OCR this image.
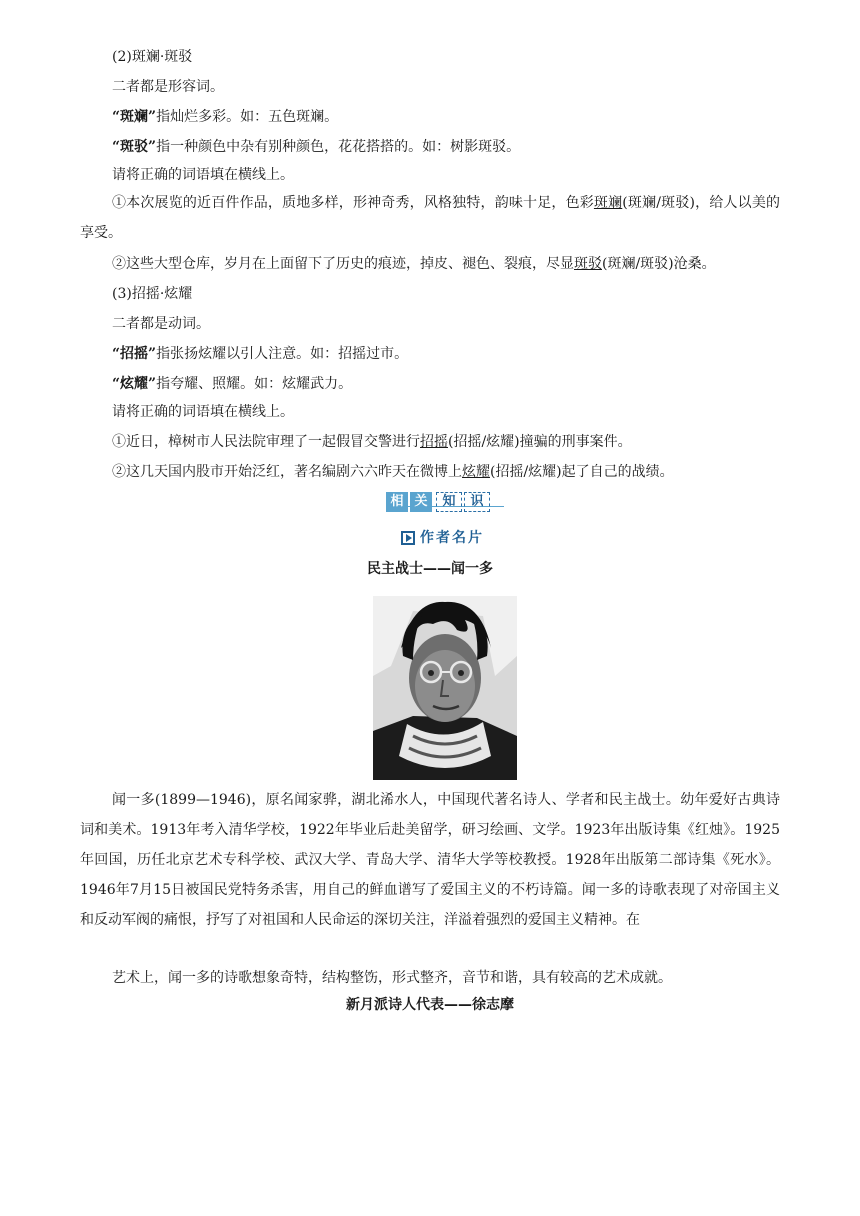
(2)斑斓·斑驳
二者都是形容词。
“斑斓”指灿烂多彩。如：五色斑斓。
“斑驳”指一种颜色中杂有别种颜色，花花搭搭的。如：树影斑驳。
请将正确的词语填在横线上。
①本次展览的近百件作品，质地多样，形神奇秀，风格独特，韵味十足，色彩斑斓(斑斓/斑驳)，给人以美的享受。
②这些大型仓库，岁月在上面留下了历史的痕迹，掉皮、褪色、裂痕，尽显斑驳(斑斓/斑驳)沧桑。
(3)招摇·炫耀
二者都是动词。
“招摇”指张扬炫耀以引人注意。如：招摇过市。
“炫耀”指夸耀、照耀。如：炫耀武力。
请将正确的词语填在横线上。
①近日，樟树市人民法院审理了一起假冒交警进行招摇(招摇/炫耀)撞骗的刑事案件。
②这几天国内股市开始泛红，著名编剧六六昨天在微博上炫耀(招摇/炫耀)起了自己的战绩。
相 关	知	识
作者名片
民主战士——闻一多
闻一多(1899—1946)，原名闻家骅，湖北浠水人，中国现代著名诗人、学者和民主战士。幼年爱好古典诗词和美术。1913年考入清华学校，1922年毕业后赴美留学，研习绘画、文学。1923年出版诗集《红烛》。1925年回国，历任北京艺术专科学校、武汉大学、青岛大学、清华大学等校教授。1928年出版第二部诗集《死水》。1946年7月15日被国民党特务杀害，用自己的鲜血谱写了爱国主义的不朽诗篇。闻一多的诗歌表现了对帝国主义和反动军阀的痛恨，抒写了对祖国和人民命运的深切关注，洋溢着强烈的爱国主义精神。在
艺术上，闻一多的诗歌想象奇特，结构整饬，形式整齐，音节和谐，具有较高的艺术成就。
新月派诗人代表——徐志摩
